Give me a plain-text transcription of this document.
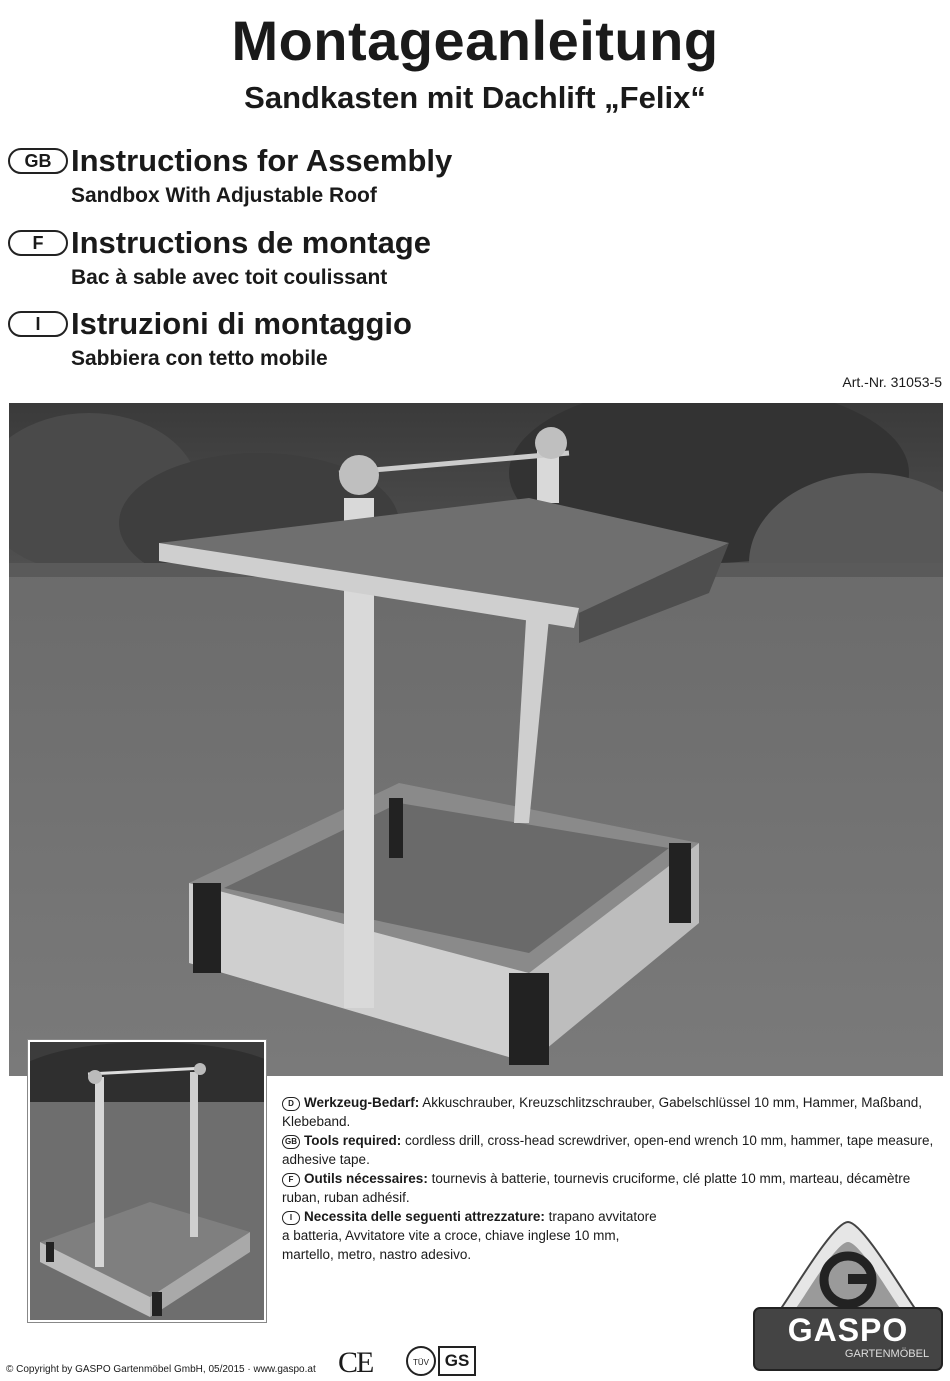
Montageanleitung
Sandkasten mit Dachlift „Felix“
GB Instructions for Assembly
Sandbox With Adjustable Roof
F Instructions de montage
Bac à sable avec toit coulissant
I Istruzioni di montaggio
Sabbiera con tetto mobile
Art.-Nr. 31053-5

D Werkzeug-Bedarf: Akkuschrauber, Kreuzschlitzschrauber, Gabelschlüssel 10 mm, Hammer, Maßband, Klebeband.

GB Tools required: cordless drill, cross-head screwdriver, open-end wrench 10 mm, hammer, tape measure, adhesive tape.

F Outils nécessaires: tournevis à batterie, tournevis cruciforme, clé platte 10 mm, marteau, décamètre ruban, ruban adhésif.

I Necessita delle seguenti attrezzature: trapano avvitatore a batteria, Avvitatore vite a croce, chiave inglese 10 mm, martello, metro, nastro adesivo.

© Copyright by GASPO Gartenmöbel GmbH, 05/2015 · www.gaspo.at CE	TÜV GS
GASPO
GARTENMÖBEL
